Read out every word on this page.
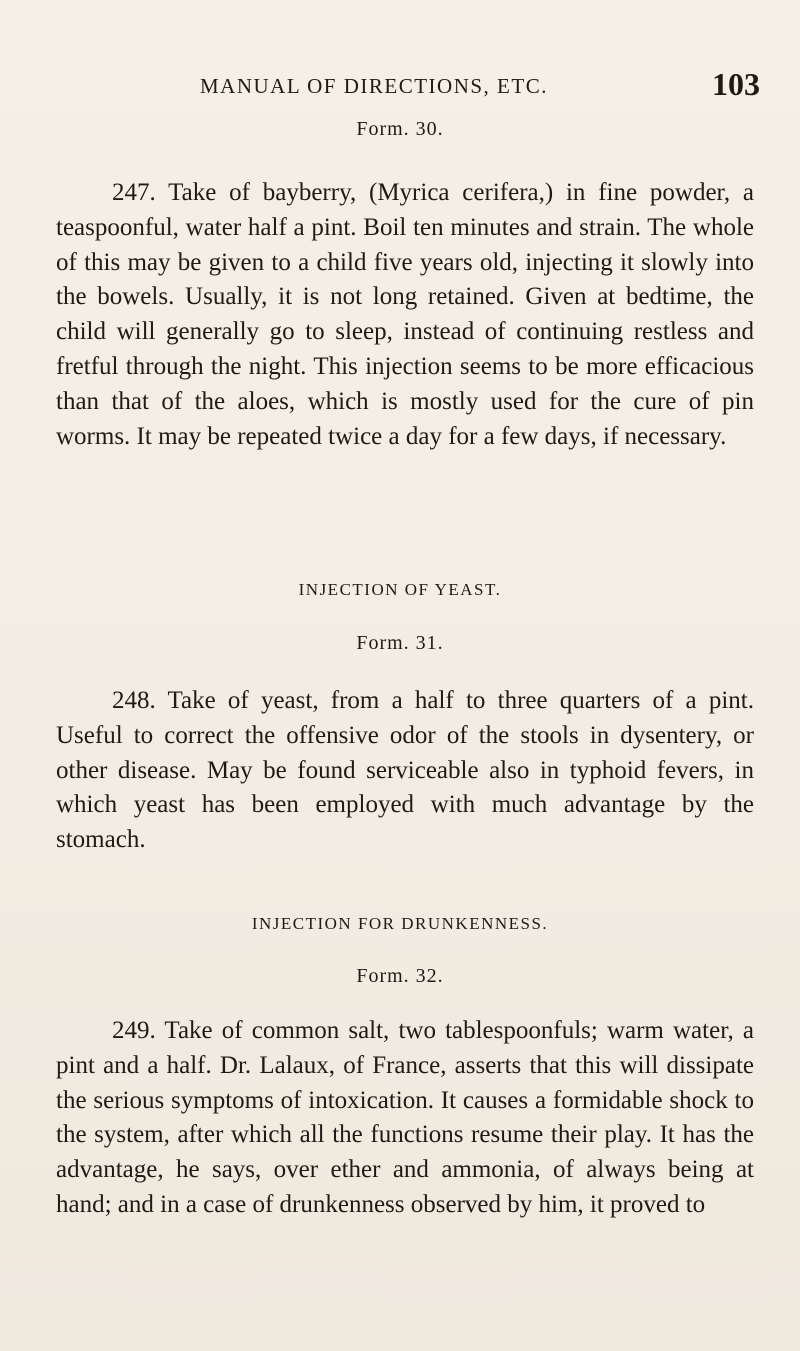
MANUAL OF DIRECTIONS, ETC.	103
Form. 30.

247. Take of bayberry, (Myrica cerifera,) in fine powder, a teaspoonful, water half a pint. Boil ten minutes and strain. The whole of this may be given to a child five years old, injecting it slowly into the bowels. Usually, it is not long retained. Given at bedtime, the child will generally go to sleep, instead of continuing restless and fretful through the night. This injection seems to be more efficacious than that of the aloes, which is mostly used for the cure of pin worms. It may be repeated twice a day for a few days, if necessary.

INJECTION OF YEAST.
Form. 31.

248. Take of yeast, from a half to three quarters of a pint. Useful to correct the offensive odor of the stools in dysentery, or other disease. May be found serviceable also in typhoid fevers, in which yeast has been employed with much advantage by the stomach.

INJECTION FOR DRUNKENNESS.
Form. 32.

249. Take of common salt, two tablespoonfuls; warm water, a pint and a half. Dr. Lalaux, of France, asserts that this will dissipate the serious symptoms of intoxication. It causes a formidable shock to the system, after which all the functions resume their play. It has the advantage, he says, over ether and ammonia, of always being at hand; and in a case of drunkenness observed by him, it proved to
